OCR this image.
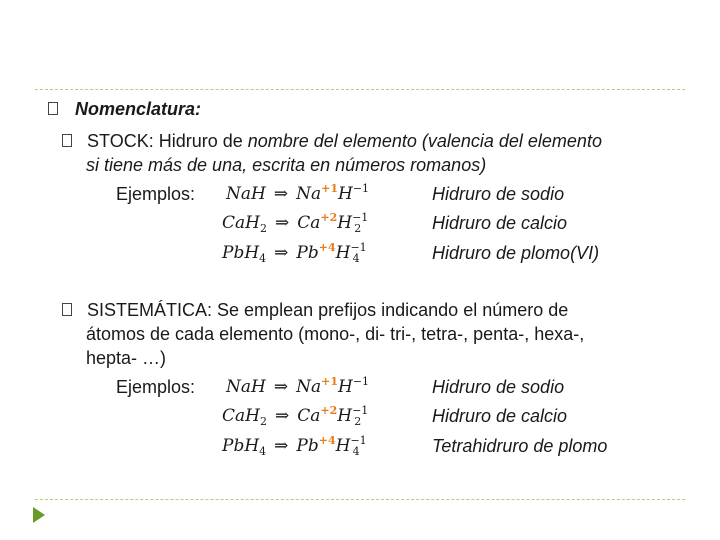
Nomenclatura:
STOCK: Hidruro de nombre del elemento (valencia del elemento
si tiene más de una, escrita en números romanos)
Ejemplos: NaH ⇒ $Na^{+1}H^{-1}$	Hidruro de sodio
CaH$_2$ ⇒ $Ca^{+2}H^{-1}_2$	Hidruro de calcio
PbH$_4$ ⇒ $Pb^{+4}H^{-1}_4$	Hidruro de plomo(VI)
SISTEMÁTICA: Se emplean prefijos indicando el número de
átomos de cada elemento (mono-, di- tri-, tetra-, penta-, hexa-,
hepta- …)
Ejemplos: NaH ⇒ $Na^{+1}H^{-1}$	Hidruro de sodio
CaH$_2$ ⇒ $Ca^{+2}H^{-1}_2$	Hidruro de calcio
PbH$_4$ ⇒ $Pb^{+4}H^{-1}_4$	Tetrahidruro de plomo
